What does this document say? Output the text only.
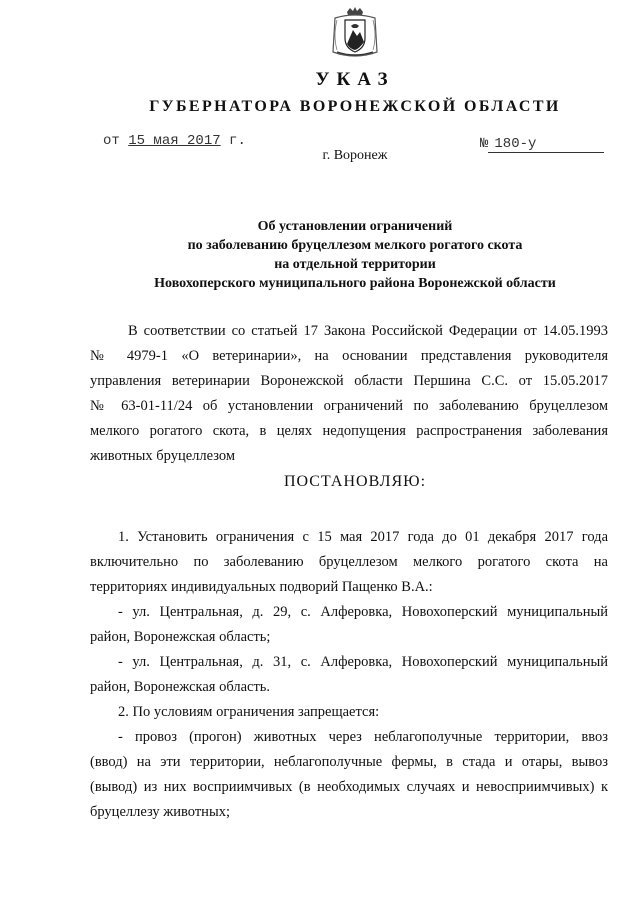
УКАЗ
ГУБЕРНАТОРА ВОРОНЕЖСКОЙ ОБЛАСТИ
от 15 мая 2017 г.	№ 180-у
г. Воронеж
Об установлении ограничений
по заболеванию бруцеллезом мелкого рогатого скота
на отдельной территории
Новохоперского муниципального района Воронежской области
В соответствии со статьей 17 Закона Российской Федерации от 14.05.1993
№ 4979-1 «О ветеринарии», на основании представления руководителя
управления ветеринарии Воронежской области Першина С.С. от 15.05.2017
№ 63-01-11/24 об установлении ограничений по заболеванию бруцеллезом
мелкого рогатого скота, в целях недопущения распространения заболевания
животных бруцеллезом
ПОСТАНОВЛЯЮ:
1. Установить ограничения с 15 мая 2017 года до 01 декабря 2017 года
включительно по заболеванию бруцеллезом мелкого рогатого скота на
территориях индивидуальных подворий Пащенко В.А.:
- ул. Центральная, д. 29, с. Алферовка, Новохоперский муниципальный
район, Воронежская область;
- ул. Центральная, д. 31, с. Алферовка, Новохоперский муниципальный
район, Воронежская область.
2. По условиям ограничения запрещается:
- провоз (прогон) животных через неблагополучные территории, ввоз
(ввод) на эти территории, неблагополучные фермы, в стада и отары, вывоз
(вывод) из них восприимчивых (в необходимых случаях и невосприимчивых) к
бруцеллезу животных;
